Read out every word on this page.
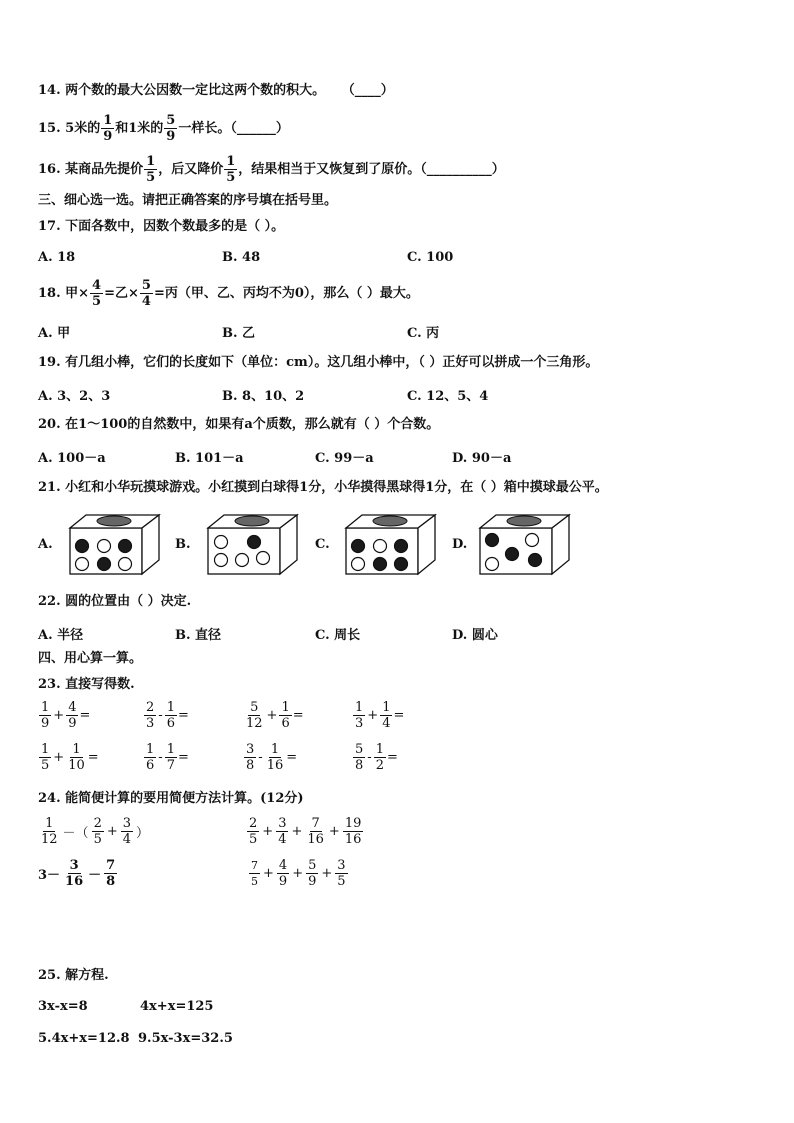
14. 两个数的最大公因数一定比这两个数的积大。 （____）
15. 5米的 $\frac{1}{9}$ 和1米的 $\frac{5}{9}$ 一样长。（______）
16. 某商品先提价 $\frac{1}{5}$ ，后又降价 $\frac{1}{5}$ ，结果相当于又恢复到了原价。（__________）
三、细心选一选。请把正确答案的序号填在括号里。
17. 下面各数中，因数个数最多的是（ ）。
A. 18	B. 48	C. 100
18. 甲× $\frac{4}{5}$ =乙× $\frac{5}{4}$ =丙（甲、乙、丙均不为0），那么（ ）最大。
A. 甲	B. 乙	C. 丙
19. 有几组小棒，它们的长度如下（单位：cm）。这几组小棒中，（ ）正好可以拼成一个三角形。
A. 3、2、3	B. 8、10、2	C. 12、5、4
20. 在1～100的自然数中，如果有a个质数，那么就有（ ）个合数。
A. 100－a	B. 101－a	C. 99－a	D. 90－a
21. 小红和小华玩摸球游戏。小红摸到白球得1分，小华摸得黑球得1分，在（ ）箱中摸球最公平。
A.	B.	C.	D.
22. 圆的位置由（ ）决定.
A. 半径	B. 直径	C. 周长	D. 圆心
四、用心算一算。
23. 直接写得数.
$\frac{1}{9} + \frac{4}{9}$ =	$\frac{2}{3} - \frac{1}{6}$ =	$\frac{5}{12} + \frac{1}{6}$ =	$\frac{1}{3} + \frac{1}{4}$ =
$\frac{1}{5} + \frac{1}{10}$ =	$\frac{1}{6} - \frac{1}{7}$ =	$\frac{3}{8} - \frac{1}{16}$ =	$\frac{5}{8} - \frac{1}{2}$ =
24. 能简便计算的要用简便方法计算。(12分)
$\frac{1}{12}$ －（ $\frac{2}{5} + \frac{3}{4}$ ）	$\frac{2}{5} + \frac{3}{4} + \frac{7}{16} + \frac{19}{16}$
$3- \frac{3}{16} - \frac{7}{8}$	$\frac{7}{5} + \frac{4}{9} + \frac{5}{9} + \frac{3}{5}$
25. 解方程.
3x-x=8	4x+x=125
5.4x+x=12.8 9.5x-3x=32.5
